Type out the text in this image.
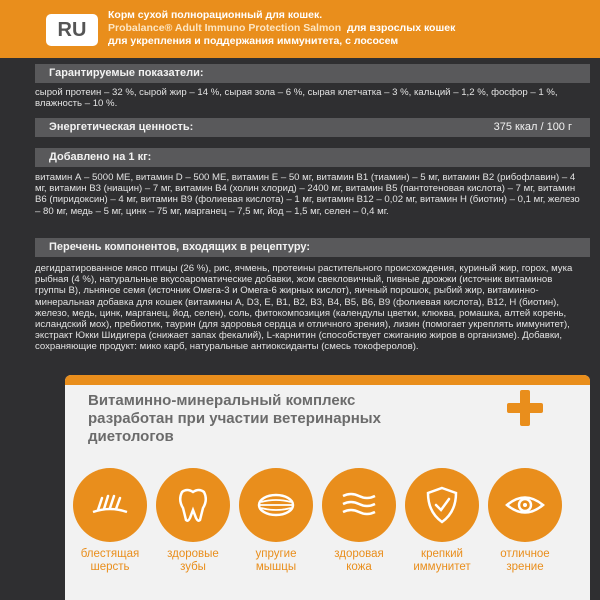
RU
Корм сухой полнорационный для кошек.
Probalance® Adult Immuno Protection Salmon для взрослых кошек
для укрепления и поддержания иммунитета, с лососем
Гарантируемые показатели:
сырой протеин – 32 %, сырой жир – 14 %, сырая зола – 6 %, сырая клетчатка – 3 %, кальций – 1,2 %, фосфор – 1 %, влажность – 10 %.
Энергетическая ценность:	375 ккал / 100 г
Добавлено на 1 кг:
витамин А – 5000 МЕ, витамин D – 500 МЕ, витамин Е – 50 мг, витамин В1 (тиамин) – 5 мг, витамин В2 (рибофлавин) – 4 мг, витамин В3 (ниацин) – 7 мг, витамин В4 (холин хлорид) – 2400 мг, витамин В5 (пантотеновая кислота) – 7 мг, витамин В6 (пиридоксин) – 4 мг, витамин В9 (фолиевая кислота) – 1 мг, витамин В12 – 0,02 мг, витамин Н (биотин) – 0,1 мг, железо – 80 мг, медь – 5 мг, цинк – 75 мг, марганец – 7,5 мг, йод – 1,5 мг, селен – 0,4 мг.
Перечень компонентов, входящих в рецептуру:
дегидратированное мясо птицы (26 %), рис, ячмень, протеины растительного происхождения, куриный жир, горох, мука рыбная (4 %), натуральные вкусоароматические добавки, жом свекловичный, пивные дрожжи (источник витаминов группы В), льняное семя (источник Омега-3 и Омега-6 жирных кислот), яичный порошок, рыбий жир, витаминно-минеральная добавка для кошек (витамины А, D3, Е, В1, В2, В3, В4, В5, В6, В9 (фолиевая кислота), В12, Н (биотин), железо, медь, цинк, марганец, йод, селен), соль, фитокомпозиция (календулы цветки, клюква, ромашка, алтей корень, исландский мох), пребиотик, таурин (для здоровья сердца и отличного зрения), лизин (помогает укреплять иммунитет), экстракт Юкки Шидигера (снижает запах фекалий), L-карнитин (способствует сжиганию жиров в организме). Добавки, сохраняющие продукт: мико карб, натуральные антиоксиданты (смесь токоферолов).
Витаминно-минеральный комплекс
разработан при участии ветеринарных
диетологов
блестящая
шерсть
здоровые
зубы
упругие
мышцы
здоровая
кожа
крепкий
иммунитет
отличное
зрение
